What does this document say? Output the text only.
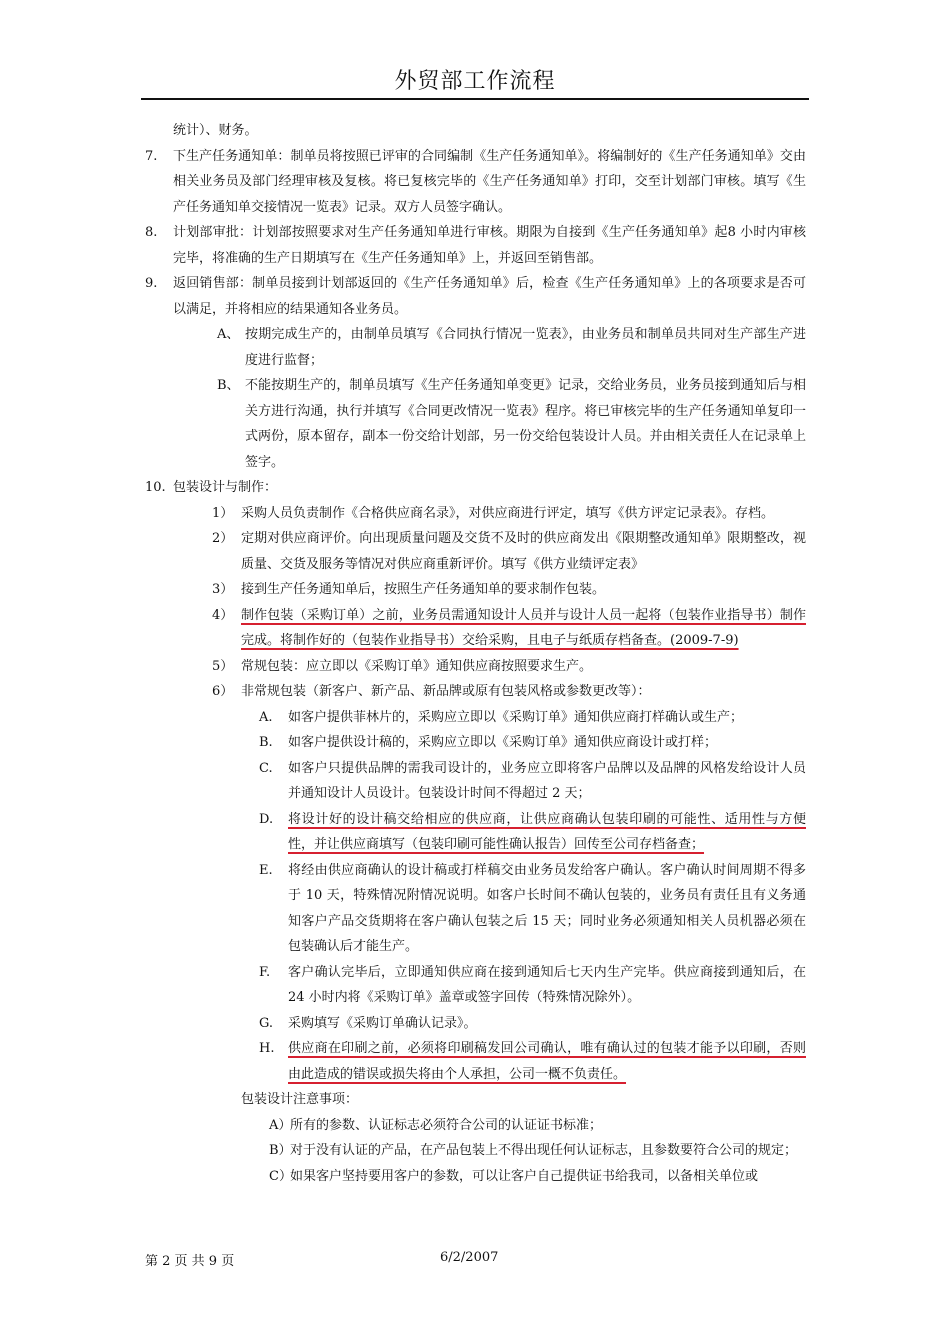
外贸部工作流程
统计）、财务。
7. 下生产任务通知单：制单员将按照已评审的合同编制《生产任务通知单》。将编制好的《生产任务通知单》交由相关业务员及部门经理审核及复核。将已复核完毕的《生产任务通知单》打印，交至计划部门审核。填写《生产任务通知单交接情况一览表》记录。双方人员签字确认。
8. 计划部审批：计划部按照要求对生产任务通知单进行审核。期限为自接到《生产任务通知单》起8 小时内审核完毕，将准确的生产日期填写在《生产任务通知单》上，并返回至销售部。
9. 返回销售部：制单员接到计划部返回的《生产任务通知单》后，检查《生产任务通知单》上的各项要求是否可以满足，并将相应的结果通知各业务员。
A、 按期完成生产的，由制单员填写《合同执行情况一览表》，由业务员和制单员共同对生产部生产进度进行监督；
B、 不能按期生产的，制单员填写《生产任务通知单变更》记录，交给业务员，业务员接到通知后与相关方进行沟通，执行并填写《合同更改情况一览表》程序。将已审核完毕的生产任务通知单复印一式两份，原本留存，副本一份交给计划部，另一份交给包装设计人员。并由相关责任人在记录单上签字。
10. 包装设计与制作：
1） 采购人员负责制作《合格供应商名录》，对供应商进行评定，填写《供方评定记录表》。存档。
2） 定期对供应商评价。向出现质量问题及交货不及时的供应商发出《限期整改通知单》限期整改，视质量、交货及服务等情况对供应商重新评价。填写《供方业绩评定表》
3） 接到生产任务通知单后，按照生产任务通知单的要求制作包装。
4） 制作包装（采购订单）之前，业务员需通知设计人员并与设计人员一起将（包装作业指导书）制作完成。将制作好的（包装作业指导书）交给采购，且电子与纸质存档备查。(2009-7-9)
5） 常规包装：应立即以《采购订单》通知供应商按照要求生产。
6） 非常规包装（新客户、新产品、新品牌或原有包装风格或参数更改等）：
A. 如客户提供菲林片的，采购应立即以《采购订单》通知供应商打样确认或生产；
B. 如客户提供设计稿的，采购应立即以《采购订单》通知供应商设计或打样；
C. 如客户只提供品牌的需我司设计的，业务应立即将客户品牌以及品牌的风格发给设计人员并通知设计人员设计。包装设计时间不得超过 2 天；
D. 将设计好的设计稿交给相应的供应商，让供应商确认包装印刷的可能性、适用性与方便性，并让供应商填写（包装印刷可能性确认报告）回传至公司存档备查；
E. 将经由供应商确认的设计稿或打样稿交由业务员发给客户确认。客户确认时间周期不得多于 10 天，特殊情况附情况说明。如客户长时间不确认包装的，业务员有责任且有义务通知客户产品交货期将在客户确认包装之后 15 天；同时业务必须通知相关人员机器必须在包装确认后才能生产。
F. 客户确认完毕后，立即通知供应商在接到通知后七天内生产完毕。供应商接到通知后，在 24 小时内将《采购订单》盖章或签字回传（特殊情况除外）。
G. 采购填写《采购订单确认记录》。
H. 供应商在印刷之前，必须将印刷稿发回公司确认，唯有确认过的包装才能予以印刷，否则由此造成的错误或损失将由个人承担，公司一概不负责任。
包装设计注意事项：
A）
所有的参数、认证标志必须符合公司的认证证书标准；
B）
对于没有认证的产品，在产品包装上不得出现任何认证标志，且参数要符合公司的规定；
C）
如果客户坚持要用客户的参数，可以让客户自己提供证书给我司，以备相关单位或
第 2 页 共 9 页	6/2/2007
